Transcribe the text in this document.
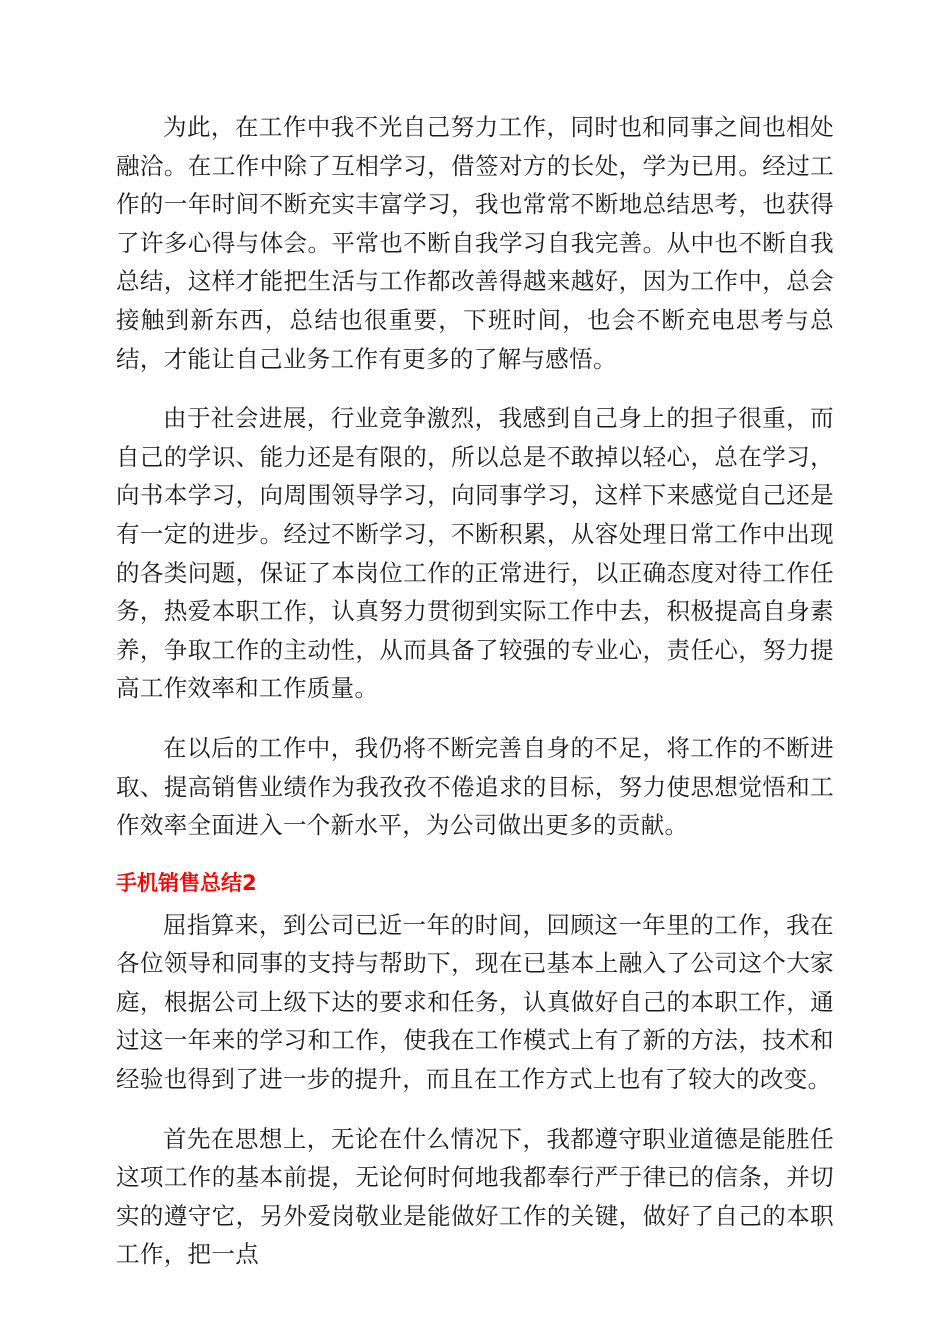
为此，在工作中我不光自己努力工作，同时也和同事之间也相处融洽。在工作中除了互相学习，借签对方的长处，学为已用。经过工作的一年时间不断充实丰富学习，我也常常不断地总结思考，也获得了许多心得与体会。平常也不断自我学习自我完善。从中也不断自我总结，这样才能把生活与工作都改善得越来越好，因为工作中，总会接触到新东西，总结也很重要，下班时间，也会不断充电思考与总结，才能让自己业务工作有更多的了解与感悟。

由于社会进展，行业竞争激烈，我感到自己身上的担子很重，而自己的学识、能力还是有限的，所以总是不敢掉以轻心，总在学习，向书本学习，向周围领导学习，向同事学习，这样下来感觉自己还是有一定的进步。经过不断学习，不断积累，从容处理日常工作中出现的各类问题，保证了本岗位工作的正常进行，以正确态度对待工作任务，热爱本职工作，认真努力贯彻到实际工作中去，积极提高自身素养，争取工作的主动性，从而具备了较强的专业心，责任心，努力提高工作效率和工作质量。

在以后的工作中，我仍将不断完善自身的不足，将工作的不断进取、提高销售业绩作为我孜孜不倦追求的目标，努力使思想觉悟和工作效率全面进入一个新水平，为公司做出更多的贡献。

手机销售总结2

屈指算来，到公司已近一年的时间，回顾这一年里的工作，我在各位领导和同事的支持与帮助下，现在已基本上融入了公司这个大家庭，根据公司上级下达的要求和任务，认真做好自己的本职工作，通过这一年来的学习和工作，使我在工作模式上有了新的方法，技术和经验也得到了进一步的提升，而且在工作方式上也有了较大的改变。

首先在思想上，无论在什么情况下，我都遵守职业道德是能胜任这项工作的基本前提，无论何时何地我都奉行严于律已的信条，并切实的遵守它，另外爱岗敬业是能做好工作的关键，做好了自己的本职工作，把一点
